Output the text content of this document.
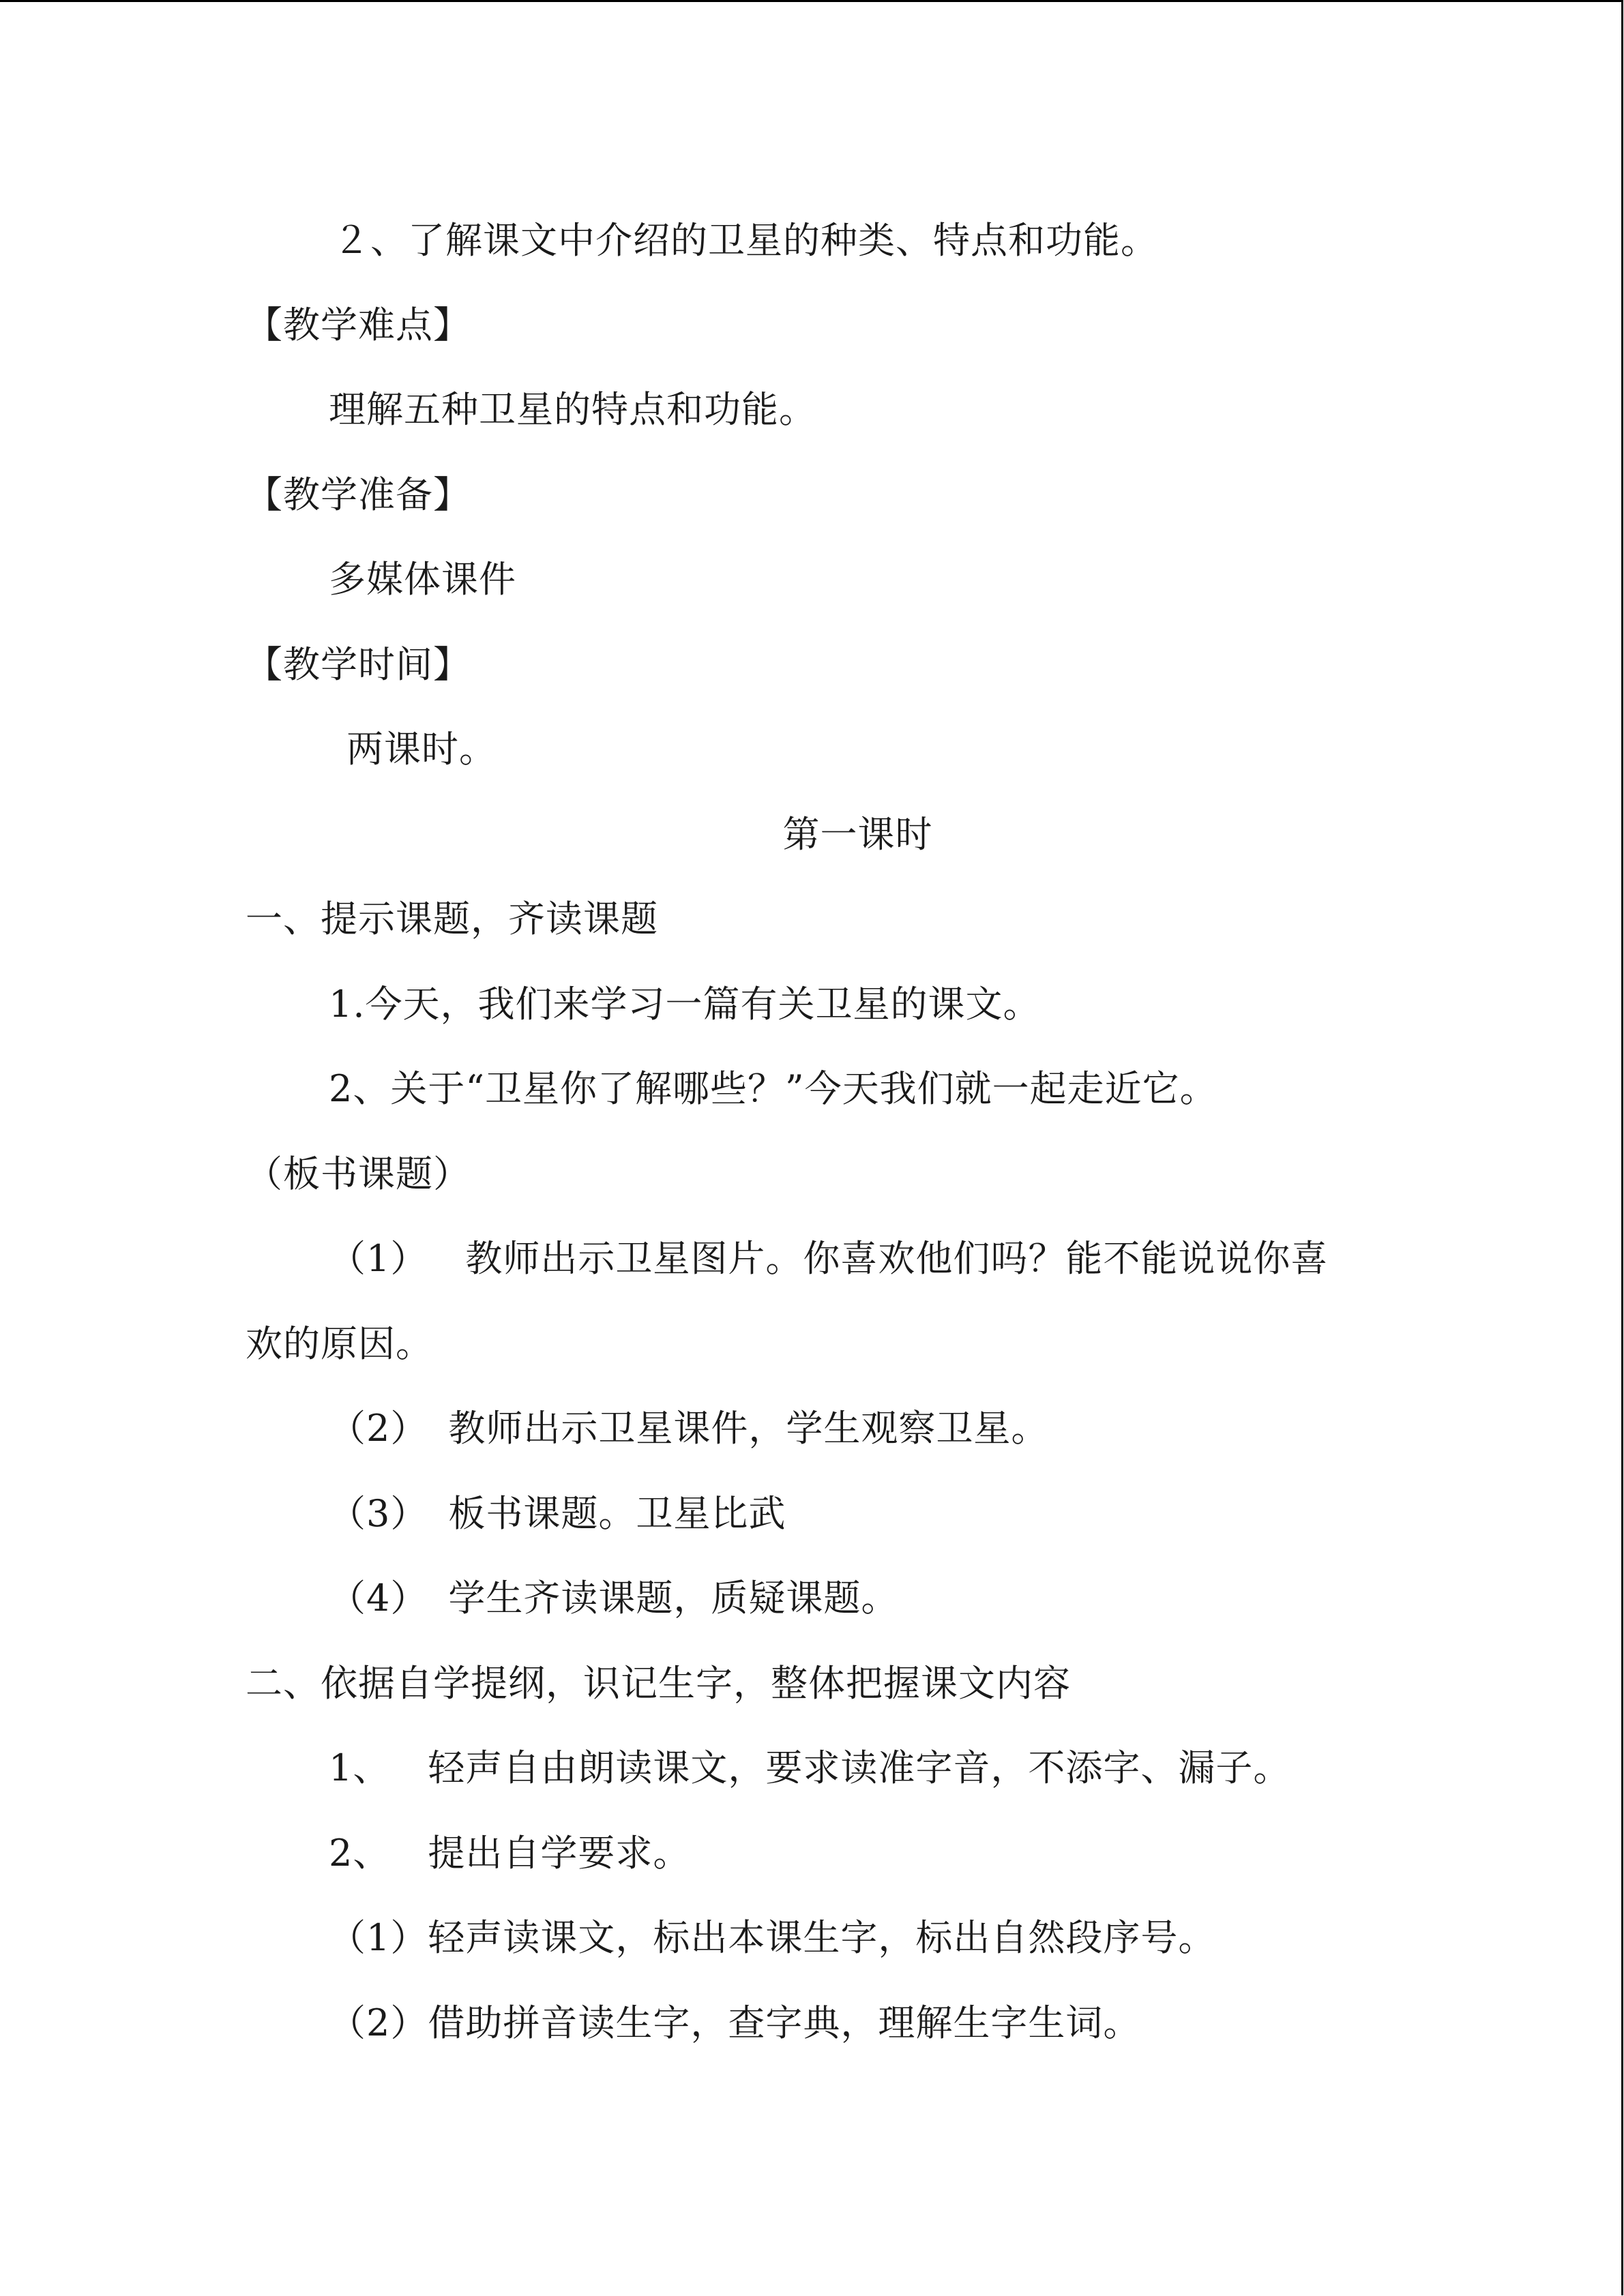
２、了解课文中介绍的卫星的种类、特点和功能。
【教学难点】
理解五种卫星的特点和功能。
【教学准备】
多媒体课件
【教学时间】
两课时。
第一课时
一、提示课题，齐读课题
1.今天，我们来学习一篇有关卫星的课文。
2、关于“卫星你了解哪些？”今天我们就一起走近它。
（板书课题）
（1） 教师出示卫星图片。你喜欢他们吗？能不能说说你喜
欢的原因。
（2） 教师出示卫星课件，学生观察卫星。
（3） 板书课题。卫星比武
（4） 学生齐读课题，质疑课题。
二、依据自学提纲，识记生字，整体把握课文内容
1、 轻声自由朗读课文，要求读准字音，不添字、漏子。
2、 提出自学要求。
（1）轻声读课文，标出本课生字，标出自然段序号。
（2）借助拼音读生字，查字典，理解生字生词。
